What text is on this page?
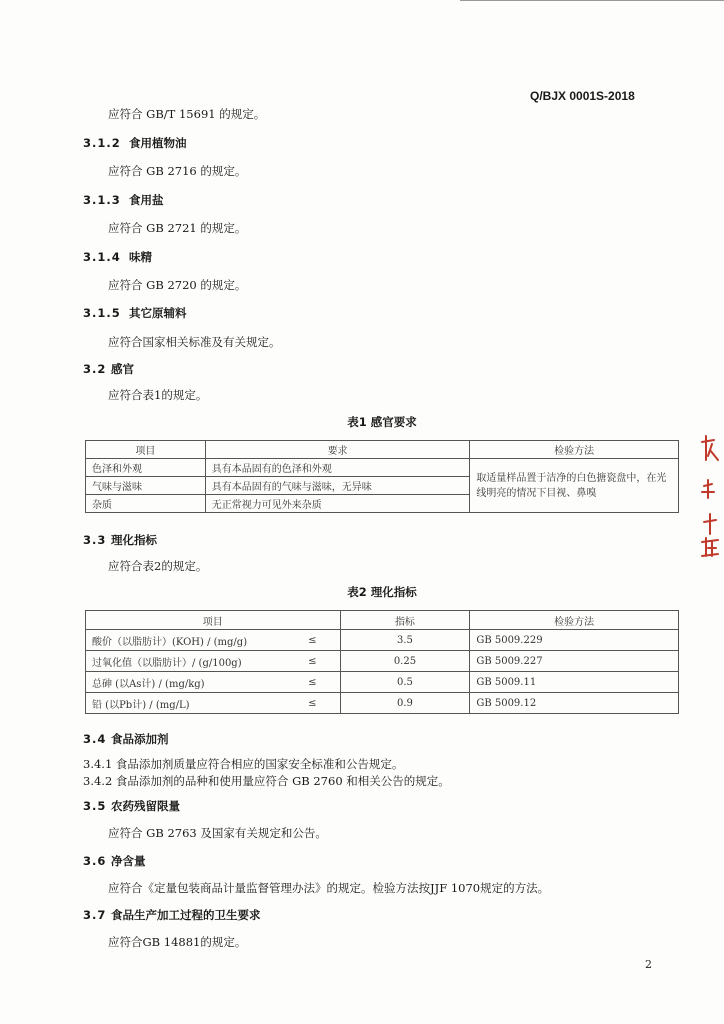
Q/BJX 0001S-2018
应符合 GB/T 15691 的规定。
3.1.2 食用植物油
应符合 GB 2716 的规定。
3.1.3 食用盐
应符合 GB 2721 的规定。
3.1.4 味精
应符合 GB 2720 的规定。
3.1.5 其它原辅料
应符合国家相关标准及有关规定。
3.2 感官
应符合表1的规定。
表1 感官要求
项目	要求	检验方法
色泽和外观	具有本品固有的色泽和外观	取适量样品置于洁净的白色搪瓷盘中，在光线明亮的情况下目视、鼻嗅
气味与滋味	具有本品固有的气味与滋味，无异味	
杂质	无正常视力可见外来杂质	
3.3 理化指标
应符合表2的规定。
表2 理化指标
项目		指标	检验方法
酸价（以脂肪计）(KOH) / (mg/g)	≤	3.5	GB 5009.229
过氧化值（以脂肪计）/ (g/100g)	≤	0.25	GB 5009.227
总砷 (以As计) / (mg/kg)	≤	0.5	GB 5009.11
铅 (以Pb计) / (mg/L)	≤	0.9	GB 5009.12
3.4 食品添加剂
3.4.1 食品添加剂质量应符合相应的国家安全标准和公告规定。
3.4.2 食品添加剂的品种和使用量应符合 GB 2760 和相关公告的规定。
3.5 农药残留限量
应符合 GB 2763 及国家有关规定和公告。
3.6 净含量
应符合《定量包装商品计量监督管理办法》的规定。检验方法按JJF 1070规定的方法。
3.7 食品生产加工过程的卫生要求
应符合GB 14881的规定。
2
